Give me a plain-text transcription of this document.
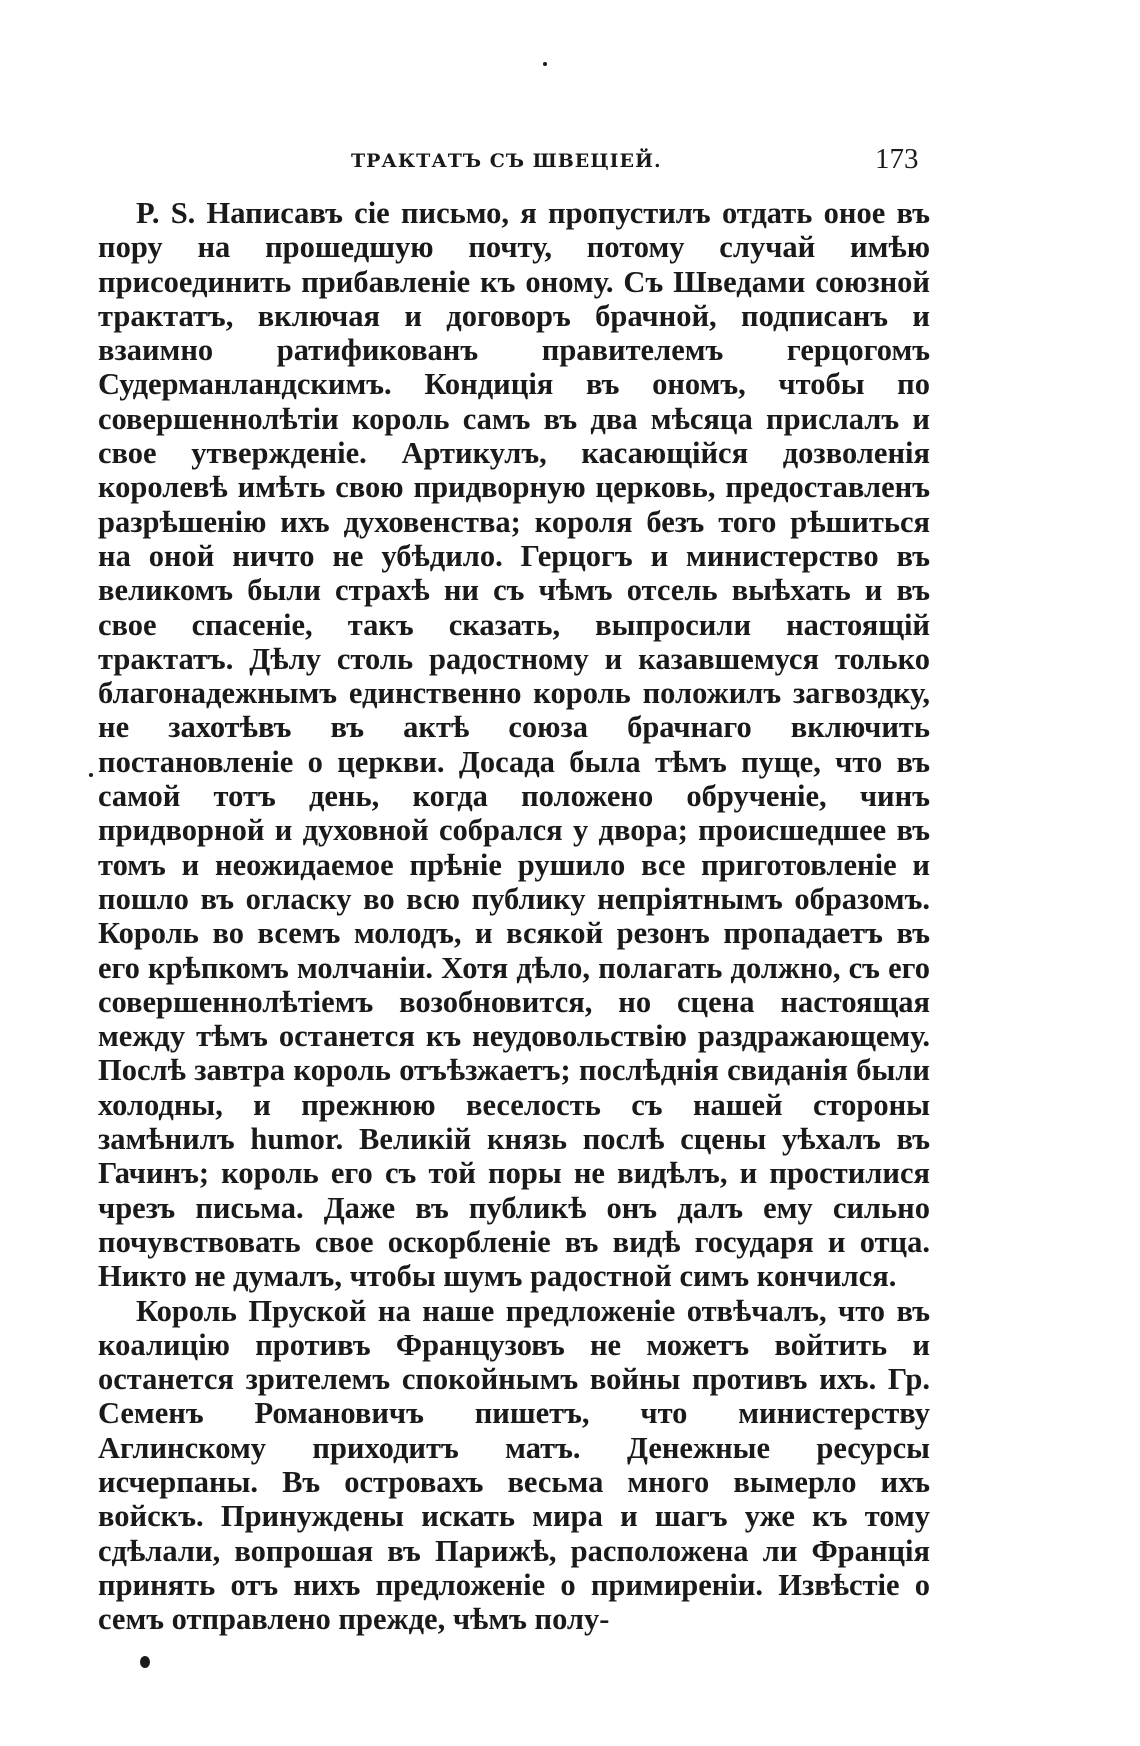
ТРАКТАТЪ СЪ ШВЕЦІЕЙ.	173

P. S. Написавъ сіе письмо, я пропустилъ отдать оное въ пору на прошедшую почту, потому случай имѣю присоединить прибавленіе къ оному. Съ Шведами союзной трактатъ, включая и договоръ брачной, подписанъ и взаимно ратификованъ правителемъ герцогомъ Судерманландскимъ. Кондиція въ ономъ, чтобы по совершеннолѣтіи король самъ въ два мѣсяца прислалъ и свое утвержденіе. Артикулъ, касающійся дозволенія королевѣ имѣть свою придворную церковь, предоставленъ разрѣшенію ихъ духовенства; короля безъ того рѣшиться на оной ничто не убѣдило. Герцогъ и министерство въ великомъ были страхѣ ни съ чѣмъ отсель выѣхать и въ свое спасеніе, такъ сказать, выпросили настоящій трактатъ. Дѣлу столь радостному и казавшемуся только благонадежнымъ единственно король положилъ загвоздку, не захотѣвъ въ актѣ союза брачнаго включить постановленіе о церкви. Досада была тѣмъ пуще, что въ самой тотъ день, когда положено обрученіе, чинъ придворной и духовной собрался у двора; происшедшее въ томъ и неожидаемое прѣніе рушило все приготовленіе и пошло въ огласку во всю публику непріятнымъ образомъ. Король во всемъ молодъ, и всякой резонъ пропадаетъ въ его крѣпкомъ молчаніи. Хотя дѣло, полагать должно, съ его совершеннолѣтіемъ возобновится, но сцена настоящая между тѣмъ останется къ неудовольствію раздражающему. Послѣ завтра король отъѣзжаетъ; послѣднія свиданія были холодны, и прежнюю веселость съ нашей стороны замѣнилъ humor. Великій князь послѣ сцены уѣхалъ въ Гачинъ; король его съ той поры не видѣлъ, и простилися чрезъ письма. Даже въ публикѣ онъ далъ ему сильно почувствовать свое оскорбленіе въ видѣ государя и отца. Никто не думалъ, чтобы шумъ радостной симъ кончился.

Король Пруской на наше предложеніе отвѣчалъ, что въ коалицію противъ Французовъ не можетъ войтить и останется зрителемъ спокойнымъ войны противъ ихъ. Гр. Семенъ Романовичъ пишетъ, что министерству Аглинскому приходитъ матъ. Денежные ресурсы исчерпаны. Въ островахъ весьма много вымерло ихъ войскъ. Принуждены искать мира и шагъ уже къ тому сдѣлали, вопрошая въ Парижѣ, расположена ли Франція принять отъ нихъ предложеніе о примиреніи. Извѣстіе о семъ отправлено прежде, чѣмъ полу-
